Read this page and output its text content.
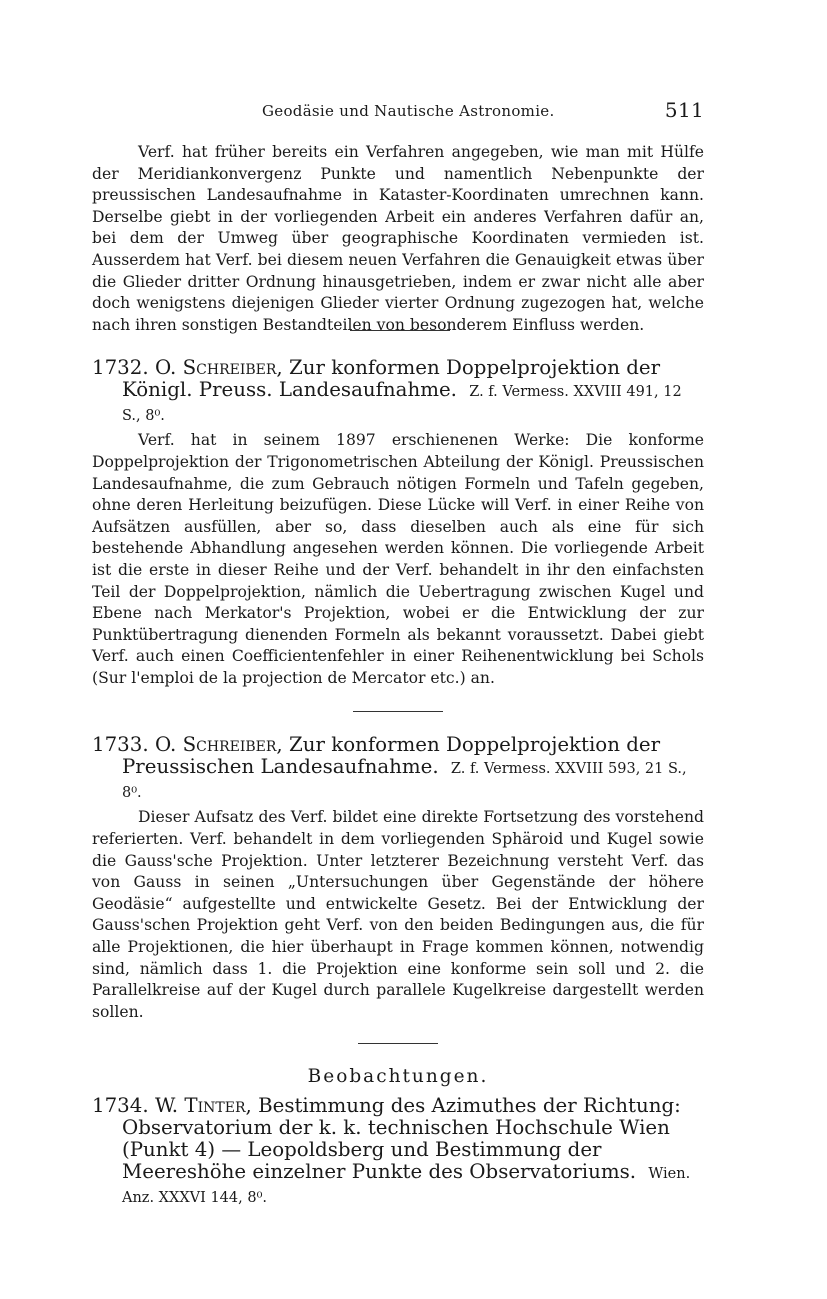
Geodäsie und Nautische Astronomie.	511

Verf. hat früher bereits ein Verfahren angegeben, wie man mit Hülfe der Meridiankonvergenz Punkte und namentlich Nebenpunkte der preussischen Landesaufnahme in Kataster-Koordinaten umrechnen kann. Derselbe giebt in der vorliegenden Arbeit ein anderes Verfahren dafür an, bei dem der Umweg über geographische Koordinaten vermieden ist. Ausserdem hat Verf. bei diesem neuen Verfahren die Genauigkeit etwas über die Glieder dritter Ordnung hinausgetrieben, indem er zwar nicht alle aber doch wenigstens diejenigen Glieder vierter Ordnung zugezogen hat, welche nach ihren sonstigen Bestandteilen von besonderem Einfluss werden.

1732. O. Schreiber, Zur konformen Doppelprojektion der Königl. Preuss. Landesaufnahme. Z. f. Vermess. XXVIII 491, 12 S., 8⁰.

Verf. hat in seinem 1897 erschienenen Werke: Die konforme Doppelprojektion der Trigonometrischen Abteilung der Königl. Preussischen Landesaufnahme, die zum Gebrauch nötigen Formeln und Tafeln gegeben, ohne deren Herleitung beizufügen. Diese Lücke will Verf. in einer Reihe von Aufsätzen ausfüllen, aber so, dass dieselben auch als eine für sich bestehende Abhandlung angesehen werden können. Die vorliegende Arbeit ist die erste in dieser Reihe und der Verf. behandelt in ihr den einfachsten Teil der Doppelprojektion, nämlich die Uebertragung zwischen Kugel und Ebene nach Merkator's Projektion, wobei er die Entwicklung der zur Punktübertragung dienenden Formeln als bekannt voraussetzt. Dabei giebt Verf. auch einen Coefficientenfehler in einer Reihenentwicklung bei Schols (Sur l'emploi de la projection de Mercator etc.) an.

1733. O. Schreiber, Zur konformen Doppelprojektion der Preussischen Landesaufnahme. Z. f. Vermess. XXVIII 593, 21 S., 8⁰.

Dieser Aufsatz des Verf. bildet eine direkte Fortsetzung des vorstehend referierten. Verf. behandelt in dem vorliegenden Sphäroid und Kugel sowie die Gauss'sche Projektion. Unter letzterer Bezeichnung versteht Verf. das von Gauss in seinen „Untersuchungen über Gegenstände der höhere Geodäsie“ aufgestellte und entwickelte Gesetz. Bei der Entwicklung der Gauss'schen Projektion geht Verf. von den beiden Bedingungen aus, die für alle Projektionen, die hier überhaupt in Frage kommen können, notwendig sind, nämlich dass 1. die Projektion eine konforme sein soll und 2. die Parallelkreise auf der Kugel durch parallele Kugelkreise dargestellt werden sollen.

Beobachtungen.

1734. W. Tinter, Bestimmung des Azimuthes der Richtung: Observatorium der k. k. technischen Hochschule Wien (Punkt 4) — Leopoldsberg und Bestimmung der Meereshöhe einzelner Punkte des Observatoriums. Wien. Anz. XXXVI 144, 8⁰.
